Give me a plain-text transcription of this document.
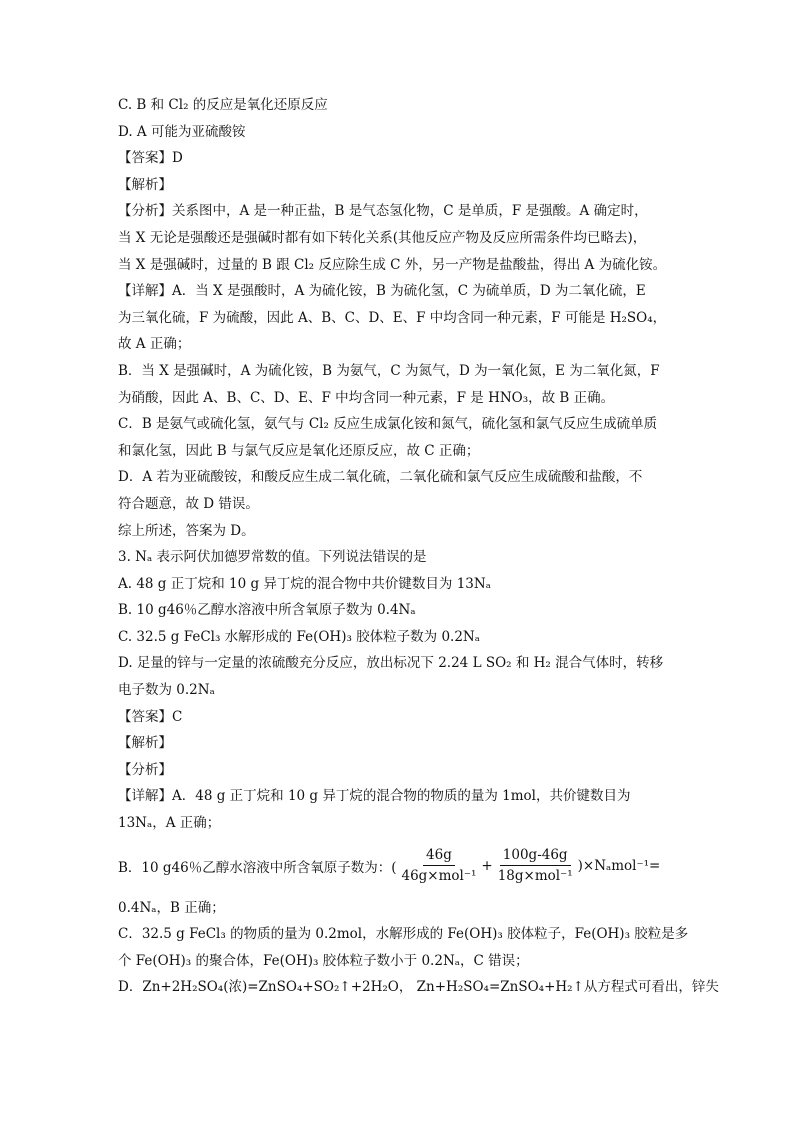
C. B 和 Cl₂ 的反应是氧化还原反应
D. A 可能为亚硫酸铵
【答案】D
【解析】
【分析】关系图中，A 是一种正盐，B 是气态氢化物，C 是单质，F 是强酸。A 确定时，
当 X 无论是强酸还是强碱时都有如下转化关系(其他反应产物及反应所需条件均已略去)，
当 X 是强碱时，过量的 B 跟 Cl₂ 反应除生成 C 外，另一产物是盐酸盐，得出 A 为硫化铵。
【详解】A．当 X 是强酸时，A 为硫化铵，B 为硫化氢，C 为硫单质，D 为二氧化硫，E
为三氧化硫，F 为硫酸，因此 A、B、C、D、E、F 中均含同一种元素，F 可能是 H₂SO₄，
故 A 正确；
B．当 X 是强碱时，A 为硫化铵，B 为氨气，C 为氮气，D 为一氧化氮，E 为二氧化氮，F
为硝酸，因此 A、B、C、D、E、F 中均含同一种元素，F 是 HNO₃，故 B 正确。
C．B 是氨气或硫化氢，氨气与 Cl₂ 反应生成氯化铵和氮气，硫化氢和氯气反应生成硫单质
和氯化氢，因此 B 与氯气反应是氧化还原反应，故 C 正确；
D．A 若为亚硫酸铵，和酸反应生成二氧化硫，二氧化硫和氯气反应生成硫酸和盐酸，不
符合题意，故 D 错误。
综上所述，答案为 D。
3. Nₐ 表示阿伏加德罗常数的值。下列说法错误的是
A. 48 g 正丁烷和 10 g 异丁烷的混合物中共价键数目为 13Nₐ
B. 10 g46％乙醇水溶液中所含氧原子数为 0.4Nₐ
C. 32.5 g FeCl₃ 水解形成的 Fe(OH)₃ 胶体粒子数为 0.2Nₐ
D. 足量的锌与一定量的浓硫酸充分反应，放出标况下 2.24 L SO₂ 和 H₂ 混合气体时，转移
电子数为 0.2Nₐ
【答案】C
【解析】
【分析】
【详解】A．48 g 正丁烷和 10 g 异丁烷的混合物的物质的量为 1mol，共价键数目为
13Nₐ，A 正确；
B．10 g46％乙醇水溶液中所含氧原子数为：( $\frac{46g}{\text{46g×mol⁻¹}} + \frac{100g-46g}{\text{18g×mol⁻¹}} )\times N_amol^{-1}=$
0.4Nₐ，B 正确；
C．32.5 g FeCl₃ 的物质的量为 0.2mol，水解形成的 Fe(OH)₃ 胶体粒子，Fe(OH)₃ 胶粒是多
个 Fe(OH)₃ 的聚合体，Fe(OH)₃ 胶体粒子数小于 0.2Nₐ，C 错误；
D．Zn+2H₂SO₄(浓)=ZnSO₄+SO₂↑+2H₂O， Zn+H₂SO₄=ZnSO₄+H₂↑从方程式可看出，锌失
